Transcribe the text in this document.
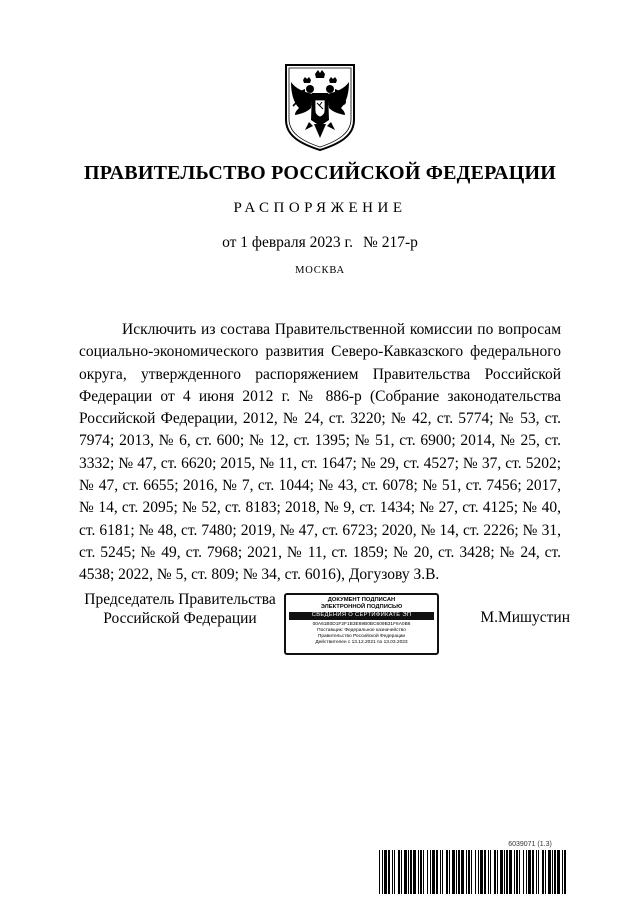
ПРАВИТЕЛЬСТВО РОССИЙСКОЙ ФЕДЕРАЦИИ
РАСПОРЯЖЕНИЕ
от 1 февраля 2023 г. № 217-р
МОСКВА

Исключить из состава Правительственной комиссии по вопросам социально-экономического развития Северо-Кавказского федерального округа, утвержденного распоряжением Правительства Российской Федерации от 4 июня 2012 г. № 886-р (Собрание законодательства Российской Федерации, 2012, № 24, ст. 3220; № 42, ст. 5774; № 53, ст. 7974; 2013, № 6, ст. 600; № 12, ст. 1395; № 51, ст. 6900; 2014, № 25, ст. 3332; № 47, ст. 6620; 2015, № 11, ст. 1647; № 29, ст. 4527; № 37, ст. 5202; № 47, ст. 6655; 2016, № 7, ст. 1044; № 43, ст. 6078; № 51, ст. 7456; 2017, № 14, ст. 2095; № 52, ст. 8183; 2018, № 9, ст. 1434; № 27, ст. 4125; № 40, ст. 6181; № 48, ст. 7480; 2019, № 47, ст. 6723; 2020, № 14, ст. 2226; № 31, ст. 5245; № 49, ст. 7968; 2021, № 11, ст. 1859; № 20, ст. 3428; № 24, ст. 4538; 2022, № 5, ст. 809; № 34, ст. 6016), Догузову З.В.

Председатель Правительства
Российской Федерации
ДОКУМЕНТ ПОДПИСАН
ЭЛЕКТРОННОЙ ПОДПИСЬЮ
СВЕДЕНИЯ О СЕРТИФИКАТЕ ЭП
00A61B0D1F2F1B3E69B0BC609B31F6A0B6
Поставщик: Федеральное казначейство
Правительство Российской Федерации
Действителен с 13.12.2021 по 13.03.2023
М.Мишустин
6039071 (1.3)
